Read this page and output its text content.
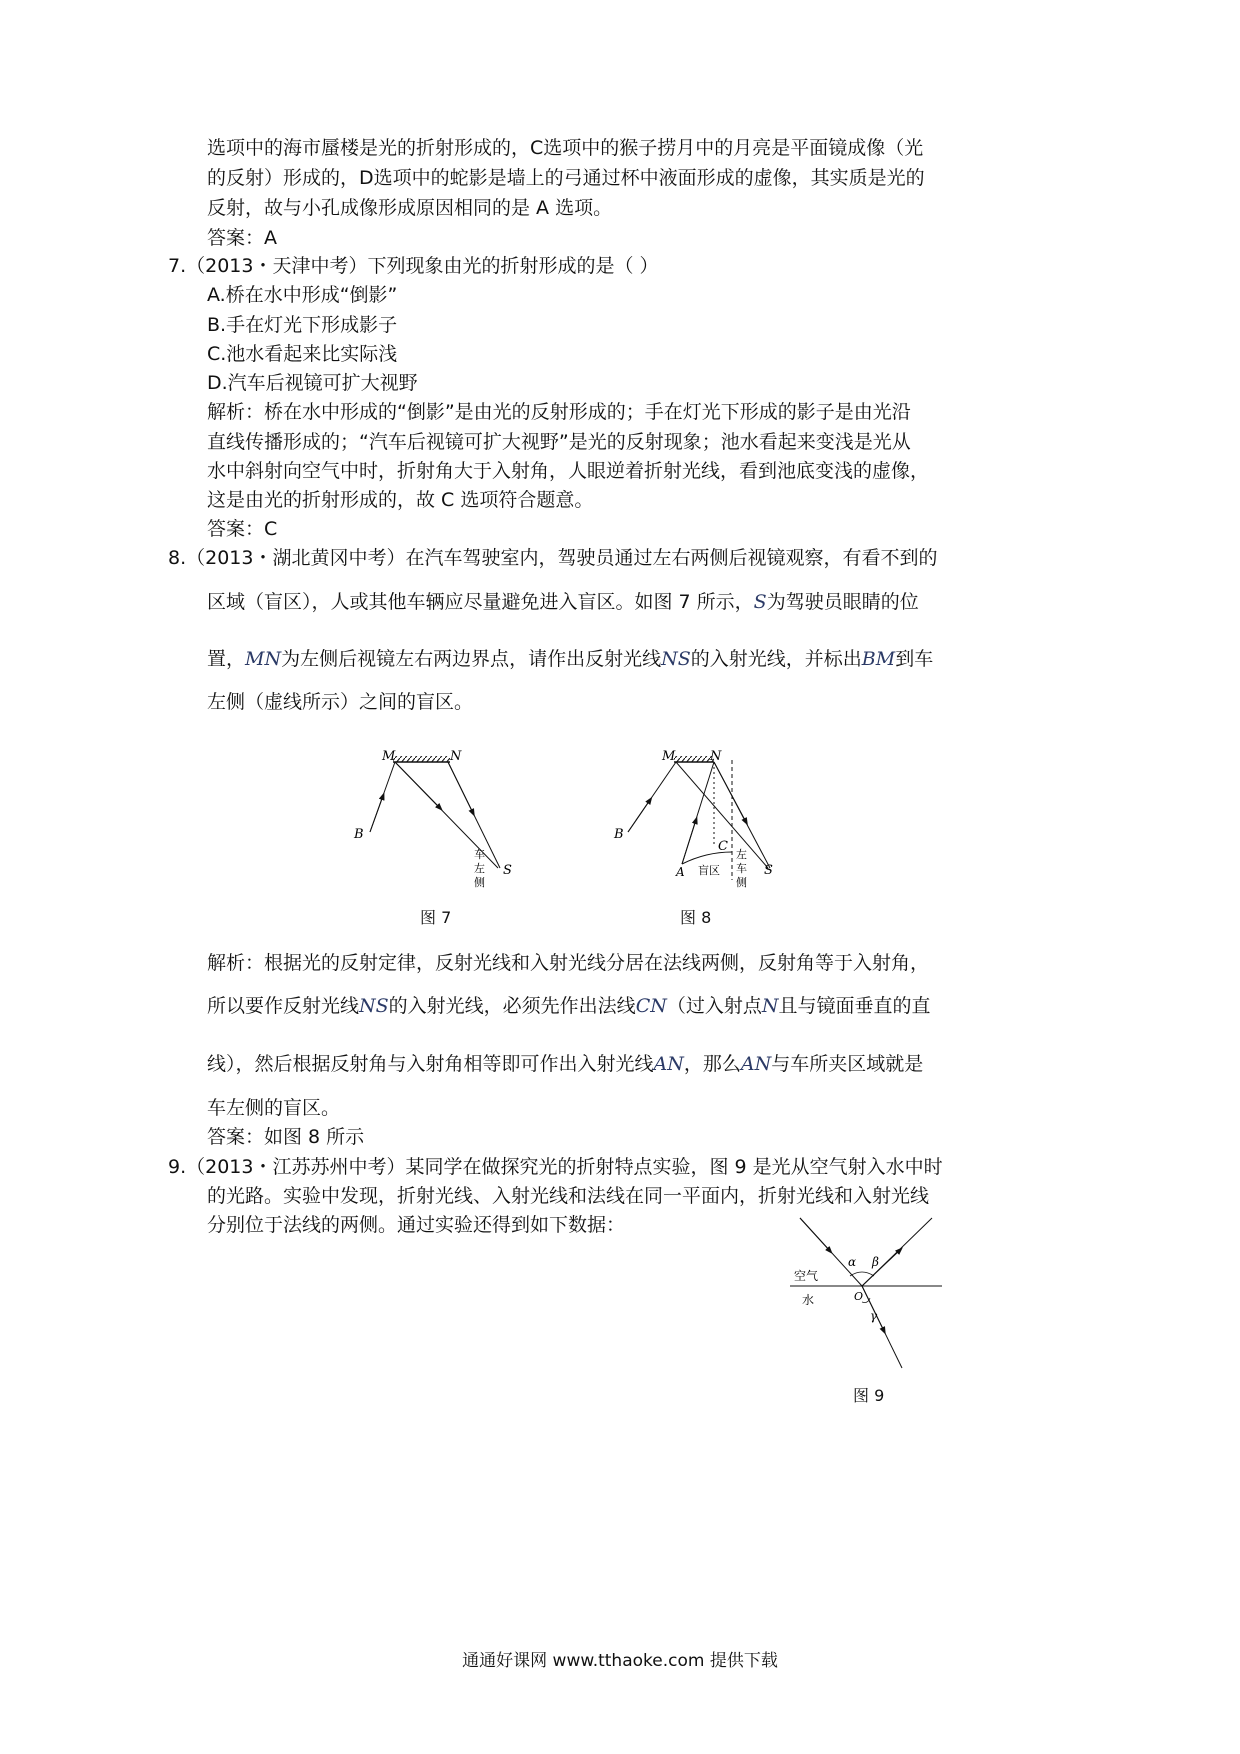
选项中的海市蜃楼是光的折射形成的，C选项中的猴子捞月中的月亮是平面镜成像（光
的反射）形成的，D选项中的蛇影是墙上的弓通过杯中液面形成的虚像，其实质是光的
反射，故与小孔成像形成原因相同的是 A 选项。
答案：A
7.（2013・天津中考）下列现象由光的折射形成的是（ ）
A.桥在水中形成“倒影”
B.手在灯光下形成影子
C.池水看起来比实际浅
D.汽车后视镜可扩大视野
解析：桥在水中形成的“倒影”是由光的反射形成的；手在灯光下形成的影子是由光沿
直线传播形成的；“汽车后视镜可扩大视野”是光的反射现象；池水看起来变浅是光从
水中斜射向空气中时，折射角大于入射角，人眼逆着折射光线，看到池底变浅的虚像，
这是由光的折射形成的，故 C 选项符合题意。
答案：C
8.（2013・湖北黄冈中考）在汽车驾驶室内，驾驶员通过左右两侧后视镜观察，有看不到的
区域（盲区），人或其他车辆应尽量避免进入盲区。如图 7 所示，S为驾驶员眼睛的位
置，MN为左侧后视镜左右两边界点，请作出反射光线NS的入射光线，并标出BM到车
左侧（虚线所示）之间的盲区。
M	N
B
S
车
左
侧
图 7
M	N
B
C
A 盲区
左
车
侧
S
图 8
解析：根据光的反射定律，反射光线和入射光线分居在法线两侧，反射角等于入射角，
所以要作反射光线NS的入射光线，必须先作出法线CN（过入射点N且与镜面垂直的直
线），然后根据反射角与入射角相等即可作出入射光线AN，那么AN与车所夹区域就是
车左侧的盲区。
答案：如图 8 所示
9.（2013・江苏苏州中考）某同学在做探究光的折射特点实验，图 9 是光从空气射入水中时
的光路。实验中发现，折射光线、入射光线和法线在同一平面内，折射光线和入射光线
分别位于法线的两侧。通过实验还得到如下数据：
空气
水
α β
O
γ
图 9
通通好课网 www.tthaoke.com 提供下载
